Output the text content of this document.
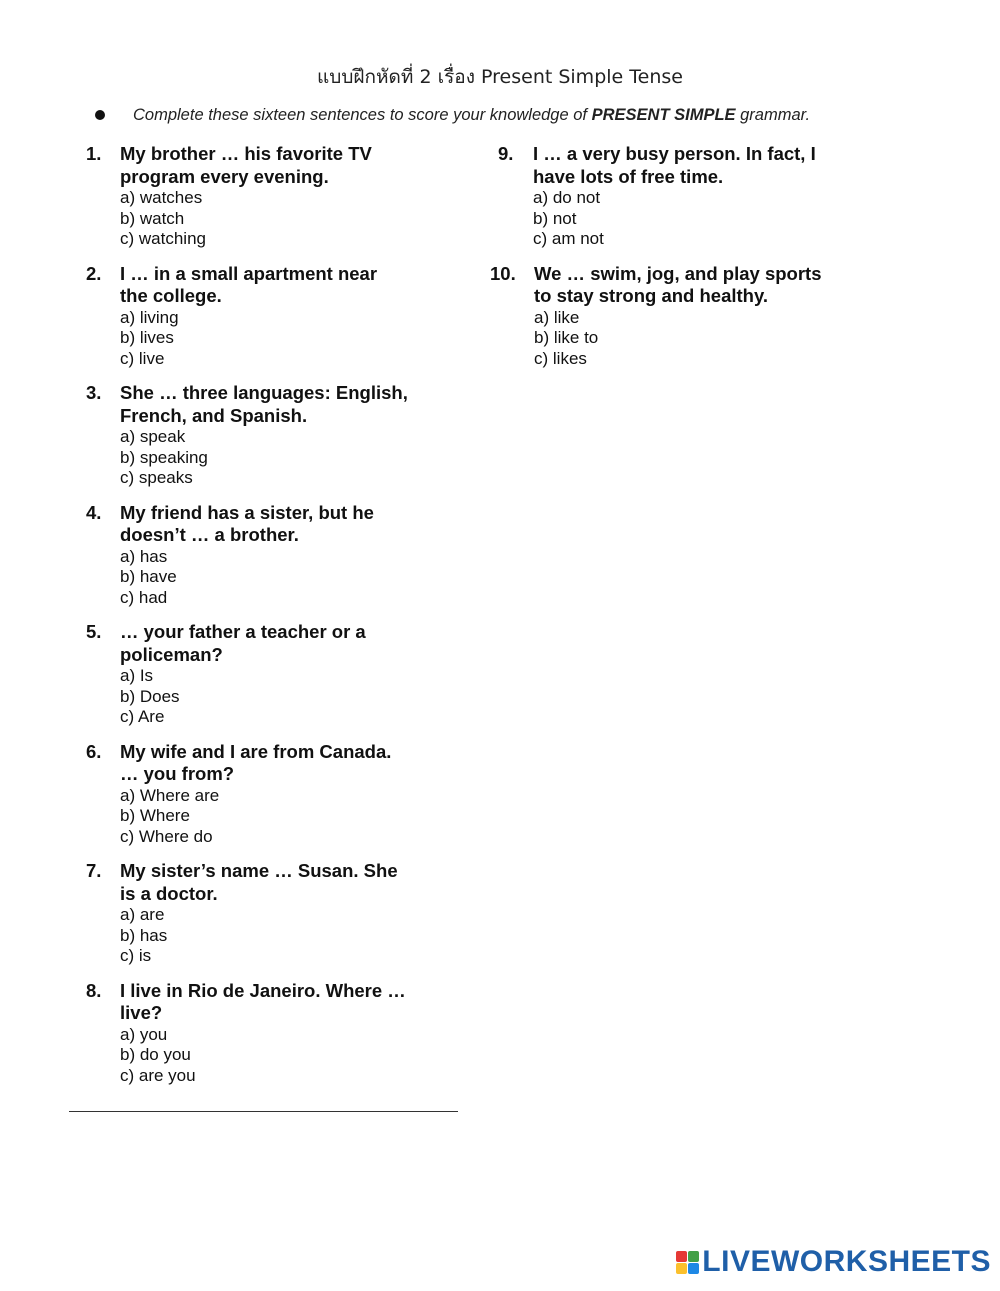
แบบฝึกหัดที่ 2 เรื่อง Present Simple Tense
Complete these sixteen sentences to score your knowledge of PRESENT SIMPLE grammar.
1. My brother … his favorite TV
program every evening.
a) watches
b) watch
c) watching
2. I … in a small apartment near
the college.
a) living
b) lives
c) live
3. She … three languages: English,
French, and Spanish.
a) speak
b) speaking
c) speaks
4. My friend has a sister, but he
doesn’t … a brother.
a) has
b) have
c) had
5. … your father a teacher or a
policeman?
a) Is
b) Does
c) Are
6. My wife and I are from Canada.
… you from?
a) Where are
b) Where
c) Where do
7. My sister’s name … Susan. She
is a doctor.
a) are
b) has
c) is
8. I live in Rio de Janeiro. Where …
live?
a) you
b) do you
c) are you
9. I … a very busy person. In fact, I
have lots of free time.
a) do not
b) not
c) am not
10. We … swim, jog, and play sports
to stay strong and healthy.
a) like
b) like to
c) likes
LIVEWORKSHEETS
